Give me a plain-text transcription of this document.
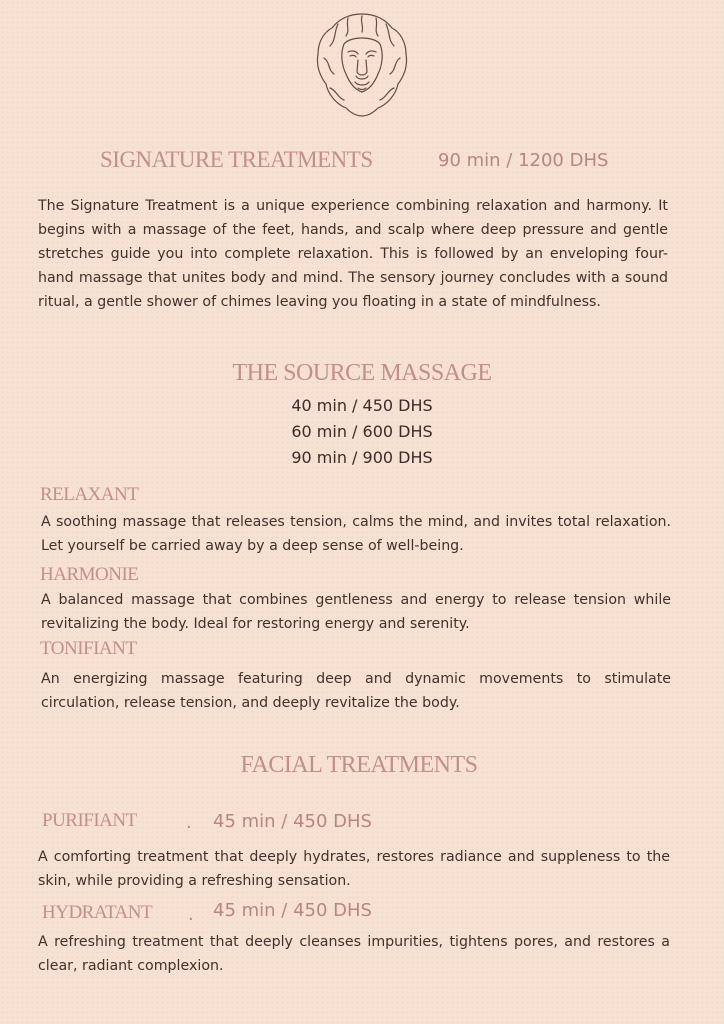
SIGNATURE TREATMENTS	90 min / 1200 DHS
The Signature Treatment is a unique experience combining relaxation and harmony. It begins with a massage of the feet, hands, and scalp where deep pressure and gentle stretches guide you into complete relaxation. This is followed by an enveloping four-hand massage that unites body and mind. The sensory journey concludes with a sound ritual, a gentle shower of chimes leaving you floating in a state of mindfulness.
THE SOURCE MASSAGE
40 min / 450 DHS
60 min / 600 DHS
90 min / 900 DHS
RELAXANT
A soothing massage that releases tension, calms the mind, and invites total relaxation. Let yourself be carried away by a deep sense of well-being.
HARMONIE
A balanced massage that combines gentleness and energy to release tension while revitalizing the body. Ideal for restoring energy and serenity.
TONIFIANT
An energizing massage featuring deep and dynamic movements to stimulate circulation, release tension, and deeply revitalize the body.
FACIAL TREATMENTS
PURIFIANT	. 45 min / 450 DHS
A comforting treatment that deeply hydrates, restores radiance and suppleness to the skin, while providing a refreshing sensation.
HYDRATANT . 45 min / 450 DHS
A refreshing treatment that deeply cleanses impurities, tightens pores, and restores a clear, radiant complexion.
